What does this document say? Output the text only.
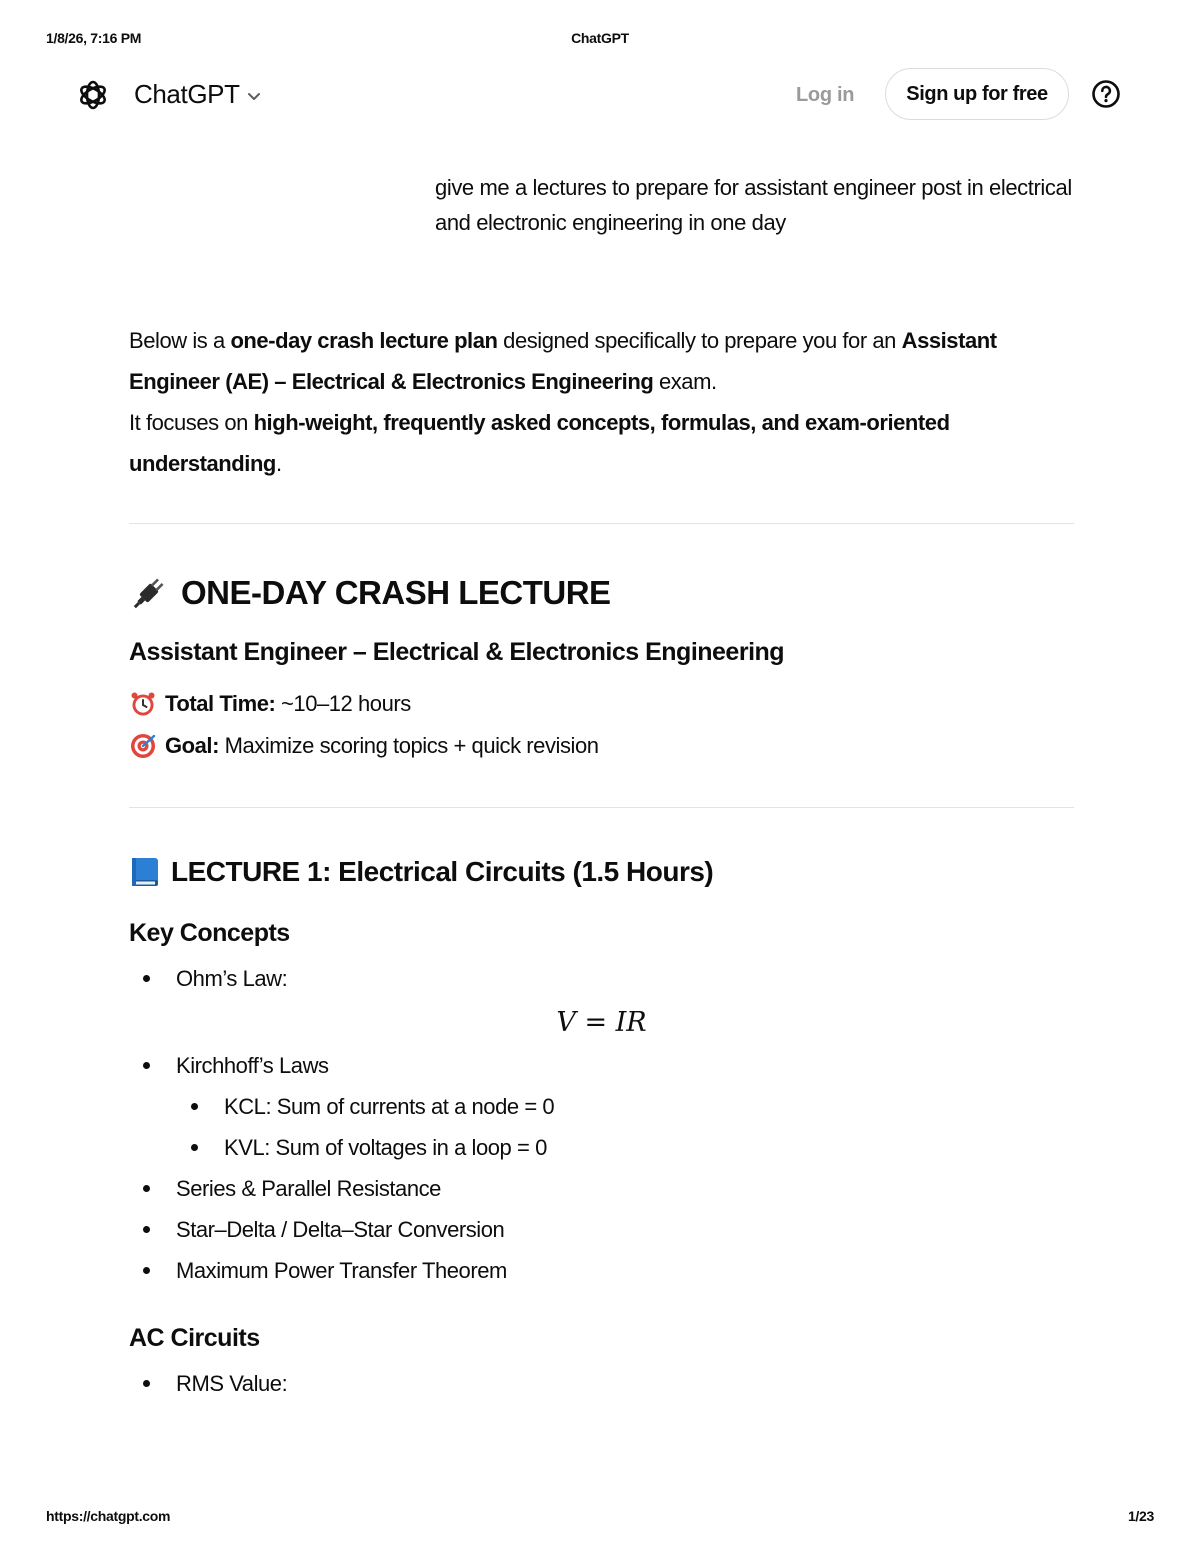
1/8/26, 7:16 PM	ChatGPT
ChatGPT	Log in	Sign up for free
give me a lectures to prepare for assistant engineer post in electrical and electronic engineering in one day

Below is a one-day crash lecture plan designed specifically to prepare you for an Assistant Engineer (AE) – Electrical & Electronics Engineering exam.
It focuses on high-weight, frequently asked concepts, formulas, and exam-oriented understanding.

ONE-DAY CRASH LECTURE
Assistant Engineer – Electrical & Electronics Engineering
Total Time: ~10–12 hours
Goal: Maximize scoring topics + quick revision
LECTURE 1: Electrical Circuits (1.5 Hours)
Key Concepts
Ohm’s Law:
V = IR
Kirchhoff’s Laws
KCL: Sum of currents at a node = 0
KVL: Sum of voltages in a loop = 0
Series & Parallel Resistance
Star–Delta / Delta–Star Conversion
Maximum Power Transfer Theorem
AC Circuits
RMS Value:
https://chatgpt.com	1/23
